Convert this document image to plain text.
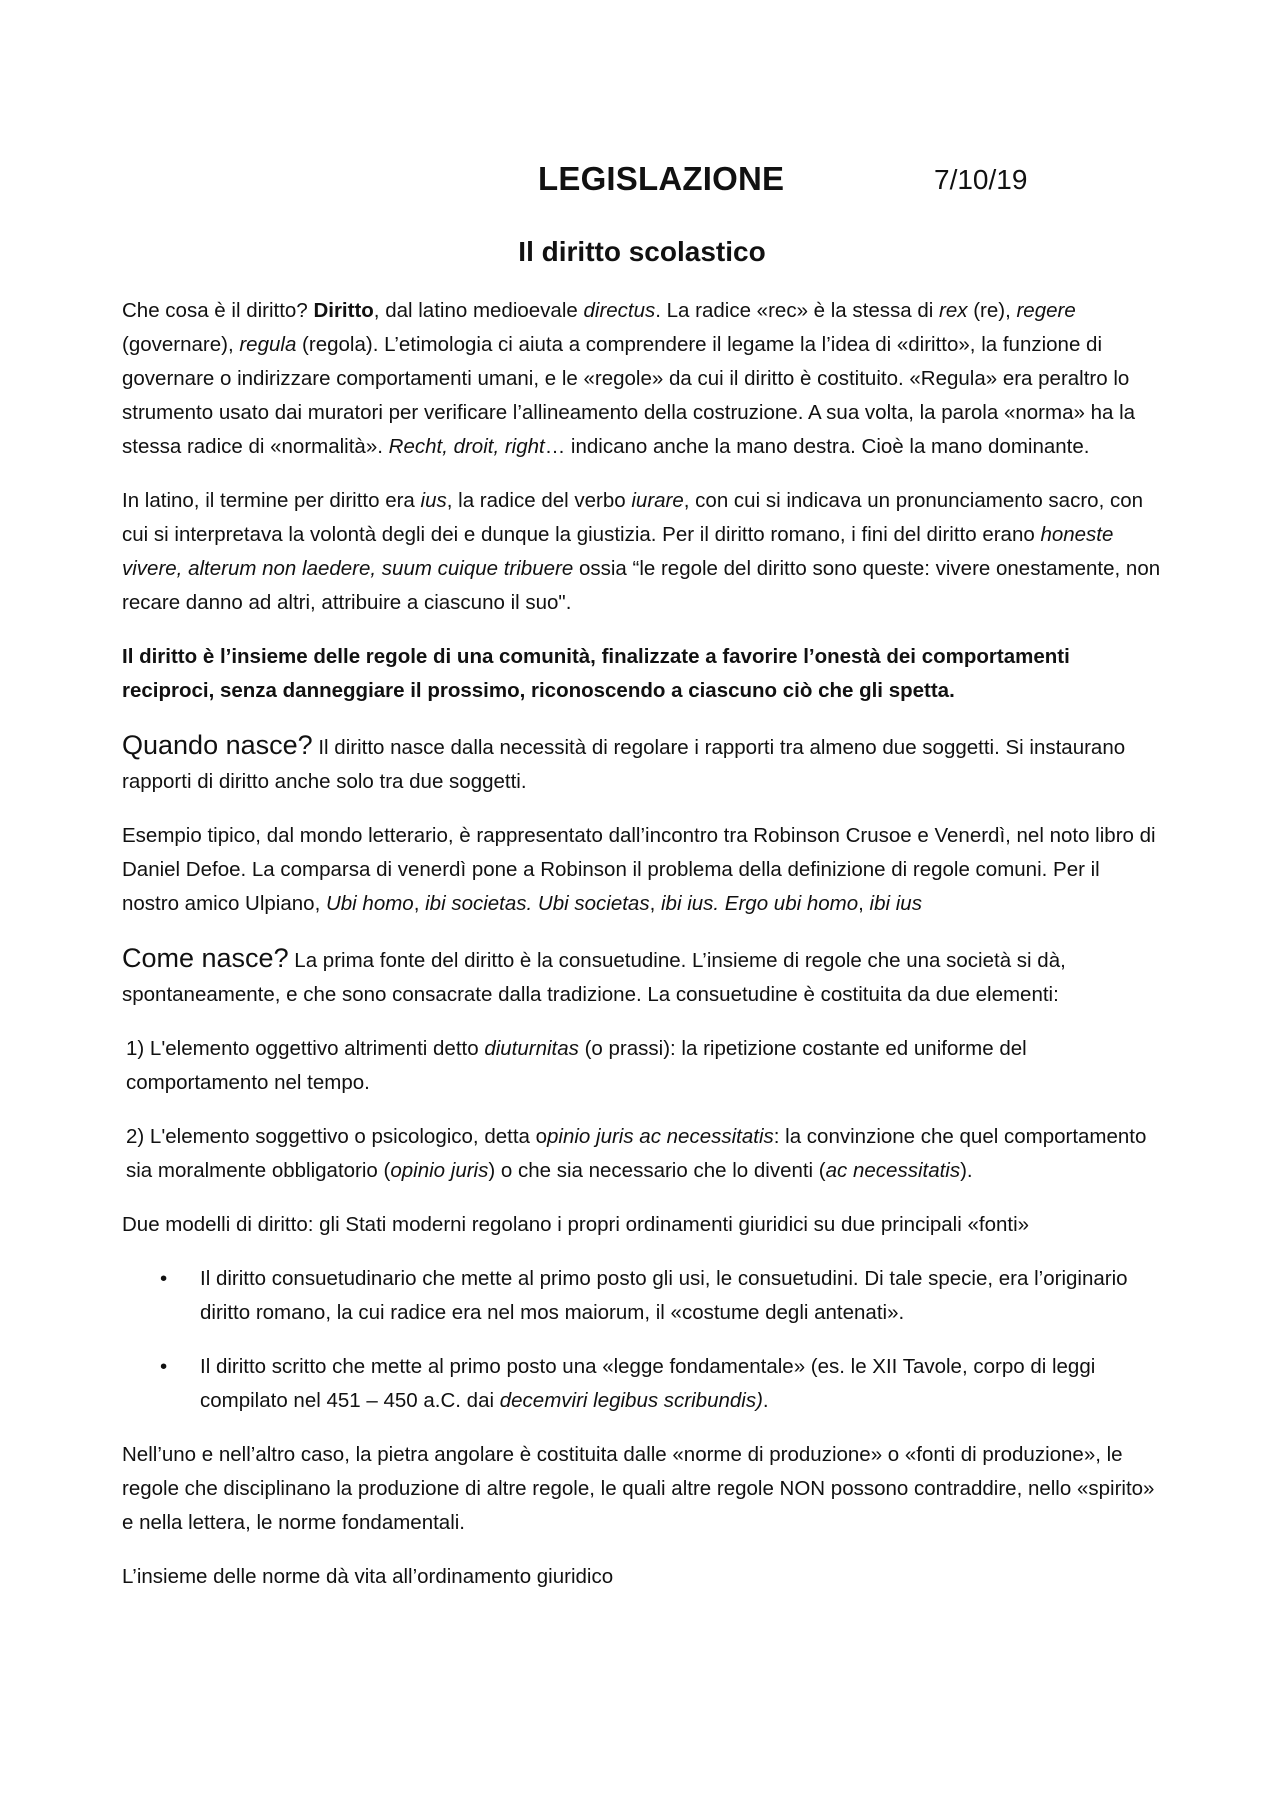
LEGISLAZIONE	7/10/19
Il diritto scolastico

Che cosa è il diritto? Diritto, dal latino medioevale directus. La radice «rec» è la stessa di rex (re), regere (governare), regula (regola). L’etimologia ci aiuta a comprendere il legame la l’idea di «diritto», la funzione di governare o indirizzare comportamenti umani, e le «regole» da cui il diritto è costituito. «Regula» era peraltro lo strumento usato dai muratori per verificare l’allineamento della costruzione. A sua volta, la parola «norma» ha la stessa radice di «normalità». Recht, droit, right… indicano anche la mano destra. Cioè la mano dominante.

In latino, il termine per diritto era ius, la radice del verbo iurare, con cui si indicava un pronunciamento sacro, con cui si interpretava la volontà degli dei e dunque la giustizia. Per il diritto romano, i fini del diritto erano honeste vivere, alterum non laedere, suum cuique tribuere ossia “le regole del diritto sono queste: vivere onestamente, non recare danno ad altri, attribuire a ciascuno il suo".

Il diritto è l’insieme delle regole di una comunità, finalizzate a favorire l’onestà dei comportamenti reciproci, senza danneggiare il prossimo, riconoscendo a ciascuno ciò che gli spetta.

Quando nasce? Il diritto nasce dalla necessità di regolare i rapporti tra almeno due soggetti. Si instaurano rapporti di diritto anche solo tra due soggetti.

Esempio tipico, dal mondo letterario, è rappresentato dall’incontro tra Robinson Crusoe e Venerdì, nel noto libro di Daniel Defoe. La comparsa di venerdì pone a Robinson il problema della definizione di regole comuni. Per il nostro amico Ulpiano, Ubi homo, ibi societas. Ubi societas, ibi ius. Ergo ubi homo, ibi ius

Come nasce? La prima fonte del diritto è la consuetudine. L’insieme di regole che una società si dà, spontaneamente, e che sono consacrate dalla tradizione. La consuetudine è costituita da due elementi:

1) L'elemento oggettivo altrimenti detto diuturnitas (o prassi): la ripetizione costante ed uniforme del comportamento nel tempo.

2) L'elemento soggettivo o psicologico, detta opinio juris ac necessitatis: la convinzione che quel comportamento sia moralmente obbligatorio (opinio juris) o che sia necessario che lo diventi (ac necessitatis).

Due modelli di diritto: gli Stati moderni regolano i propri ordinamenti giuridici su due principali «fonti»

• Il diritto consuetudinario che mette al primo posto gli usi, le consuetudini. Di tale specie, era l’originario diritto romano, la cui radice era nel mos maiorum, il «costume degli antenati».
• Il diritto scritto che mette al primo posto una «legge fondamentale» (es. le XII Tavole, corpo di leggi compilato nel 451 – 450 a.C. dai decemviri legibus scribundis).

Nell’uno e nell’altro caso, la pietra angolare è costituita dalle «norme di produzione» o «fonti di produzione», le regole che disciplinano la produzione di altre regole, le quali altre regole NON possono contraddire, nello «spirito» e nella lettera, le norme fondamentali.

L’insieme delle norme dà vita all’ordinamento giuridico
